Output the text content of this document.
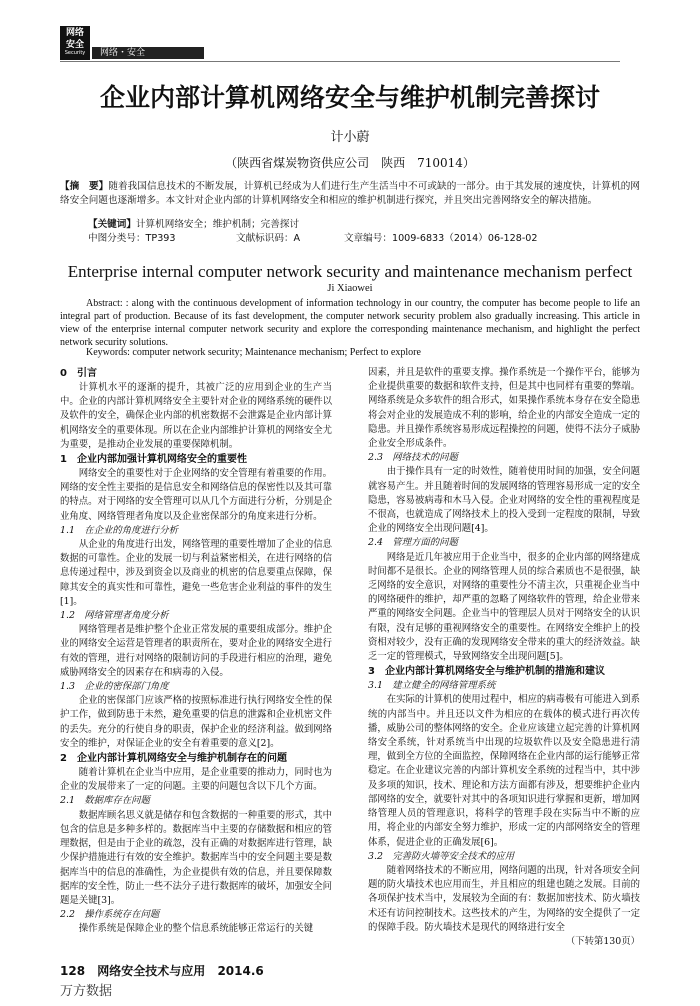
网络
安全
Security	网络・安全
企业内部计算机网络安全与维护机制完善探讨
计小蔚
（陕西省煤炭物资供应公司　陕西　710014）
【摘　要】随着我国信息技术的不断发展，计算机已经成为人们进行生产生活当中不可或缺的一部分。由于其发展的速度快，计算机的网络安全问题也逐渐增多。本文针对企业内部的计算机网络安全和相应的维护机制进行探究，并且突出完善网络安全的解决措施。
【关键词】计算机网络安全；维护机制；完善探讨
中图分类号：TP393	文献标识码：A	文章编号：1009-6833（2014）06-128-02
Enterprise internal computer network security and maintenance mechanism perfect
Ji Xiaowei
Abstract: : along with the continuous development of information technology in our country, the computer has become people to life an integral part of production. Because of its fast development, the computer network security problem also gradually increasing. This article in view of the enterprise internal computer network security and explore the corresponding maintenance mechanism, and highlight the perfect network security solutions.
Keywords: computer network security; Maintenance mechanism; Perfect to explore
0　引言

计算机水平的逐渐的提升，其被广泛的应用到企业的生产当中。企业的内部计算机网络安全主要针对企业的网络系统的硬件以及软件的安全，确保企业内部的机密数据不会泄露是企业内部计算机网络安全的重要体现。所以在企业内部维护计算机的网络安全尤为重要，是推动企业发展的重要保障机制。

1　企业内部加强计算机网络安全的重要性

网络安全的重要性对于企业网络的安全管理有着重要的作用。网络的安全性主要指的是信息安全和网络信息的保密性以及其可靠的特点。对于网络的安全管理可以从几个方面进行分析，分别是企业角度、网络管理者角度以及企业密保部分的角度来进行分析。

1.1　在企业的角度进行分析

从企业的角度进行出发，网络管理的重要性增加了企业的信息数据的可靠性。企业的发展一切与利益紧密相关，在进行网络的信息传递过程中，涉及到资金以及商业的机密的信息要重点保障，保障其安全的真实性和可靠性，避免一些危害企业利益的事件的发生[1]。

1.2　网络管理者角度分析

网络管理者是维护整个企业正常发展的重要组成部分。维护企业的网络安全运营是管理者的职责所在，要对企业的网络安全进行有效的管理，进行对网络的限制访问的手段进行相应的治理，避免威胁网络安全的因素存在和病毒的入侵。

1.3　企业的密保部门角度

企业的密保部门应该严格的按照标准进行执行网络安全性的保护工作，做到防患于未然，避免重要的信息的泄露和企业机密文件的丢失。充分的行使自身的职责，保护企业的经济利益。做到网络安全的维护，对保证企业的安全有着重要的意义[2]。

2　企业内部计算机网络安全与维护机制存在的问题

随着计算机在企业当中应用，是企业重要的推动力，同时也为企业的发展带来了一定的问题。主要的问题包含以下几个方面。

2.1　数据库存在问题

数据库顾名思义就是储存和包含数据的一种重要的形式，其中包含的信息是多种多样的。数据库当中主要的存储数据和相应的管理数据，但是由于企业的疏忽，没有正确的对数据库进行管理，缺少保护措施进行有效的安全维护。数据库当中的安全问题主要是数据库当中的信息的准确性，为企业提供有效的信息，并且要保障数据库的安全性，防止一些不法分子进行数据库的破坏，加强安全问题是关键[3]。

2.2　操作系统存在问题

操作系统是保障企业的整个信息系统能够正常运行的关键

因素，并且是软件的重要支撑。操作系统是一个操作平台，能够为企业提供重要的数据和软件支持，但是其中也同样有重要的弊端。网络系统是众多软件的组合形式，如果操作系统本身存在安全隐患将会对企业的发展造成不利的影响，给企业的内部安全造成一定的隐患。并且操作系统容易形成远程操控的问题，使得不法分子威胁企业安全形成条件。

2.3　网络技术的问题

由于操作具有一定的时效性，随着使用时间的加强，安全问题就容易产生。并且随着时间的发展网络的管理容易形成一定的安全隐患，容易被病毒和木马入侵。企业对网络的安全性的重视程度是不很高，也就造成了网络技术上的投入受到一定程度的限制，导致企业的网络安全出现问题[4]。

2.4　管理方面的问题

网络是近几年被应用于企业当中，很多的企业内部的网络建成时间都不是很长。企业的网络管理人员的综合素质也不是很强，缺乏网络的安全意识，对网络的重要性分不清主次，只重视企业当中的网络硬件的维护，却严重的忽略了网络软件的管理，给企业带来严重的网络安全问题。企业当中的管理层人员对于网络安全的认识有限，没有足够的重视网络安全的重要性。在网络安全维护上的投资相对较少，没有正确的发现网络安全带来的重大的经济效益。缺乏一定的管理模式，导致网络安全出现问题[5]。

3　企业内部计算机网络安全与维护机制的措施和建议
3.1　建立健全的网络管理系统

在实际的计算机的使用过程中，相应的病毒极有可能进入到系统的内部当中。并且还以文件为相应的在载体的模式进行再次传播，威胁公司的整体网络的安全。企业应该建立起完善的计算机网络安全系统，针对系统当中出现的垃圾软件以及安全隐患进行清理，做到全方位的全面监控，保障网络在企业内部的运行能够正常稳定。在企业建议完善的内部计算机安全系统的过程当中，其中涉及多项的知识，技术、理论和方法方面都有涉及，想要维护企业内部网络的安全，就要针对其中的各项知识进行掌握和更新，增加网络管理人员的管理意识，将科学的管理手段在实际当中不断的应用，将企业的内部安全努力维护，形成一定的内部网络安全的管理体系，促进企业的正确发展[6]。

3.2　完善防火墙等安全技术的应用

随着网络技术的不断应用，网络问题的出现，针对各项安全问题的防火墙技术也应用而生，并且相应的组建也随之发展。目前的各项保护技术当中，发展较为全面的有：数据加密技术、防火墙技术还有访问控制技术。这些技术的产生，为网络的安全提供了一定的保障手段。防火墙技术是现代的网络进行安全

（下转第130页）

128 网络安全技术与应用 2014.6
万方数据
